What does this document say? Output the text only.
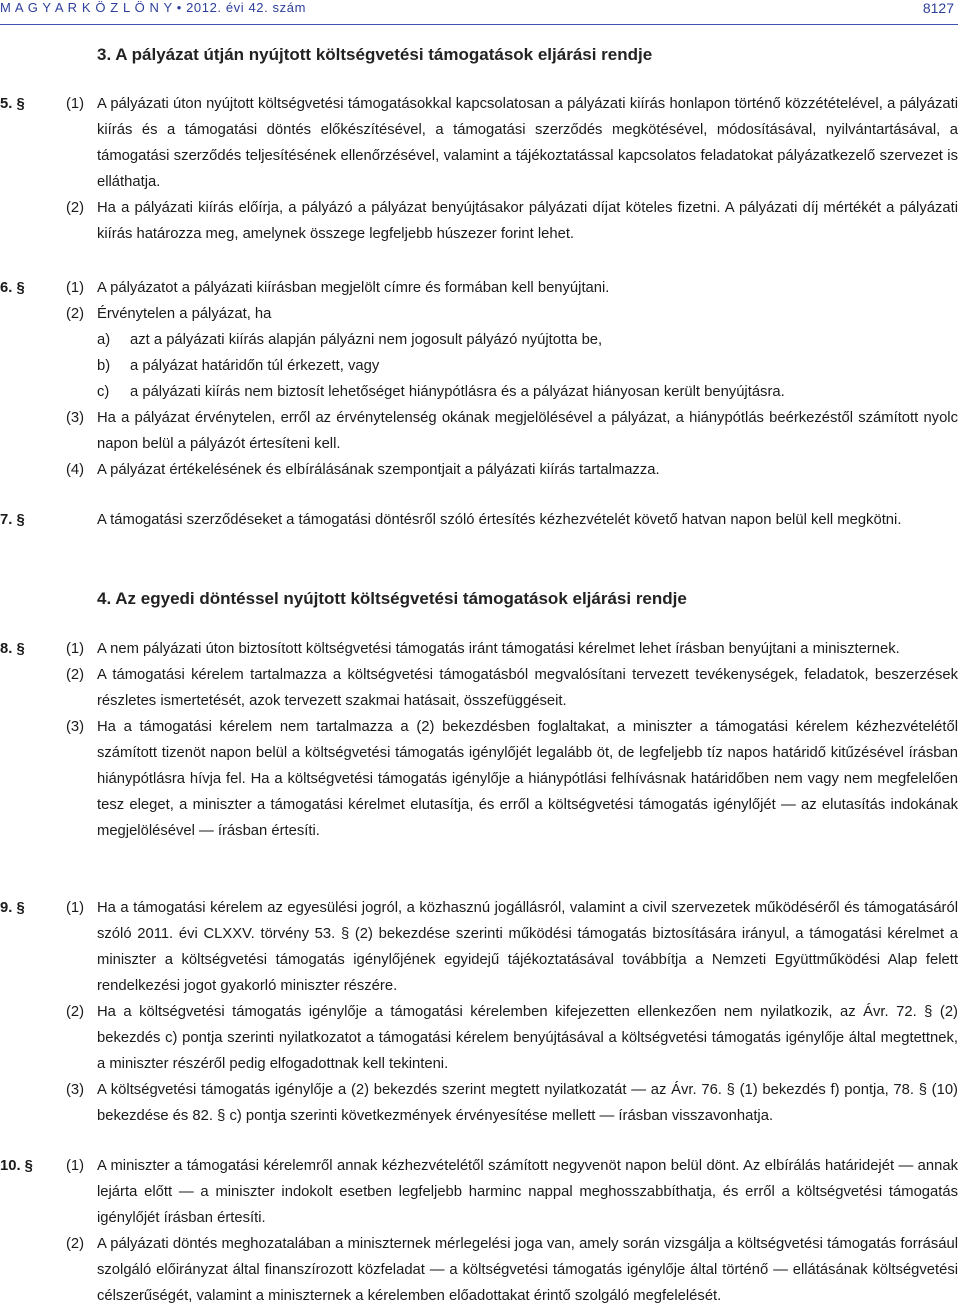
M A G Y A R K Ö Z L Ö N Y • 2012. évi 42. szám	8127
3. A pályázat útján nyújtott költségvetési támogatások eljárási rendje
5. §	(1) A pályázati úton nyújtott költségvetési támogatásokkal kapcsolatosan a pályázati kiírás honlapon történő közzétételével, a pályázati kiírás és a támogatási döntés előkészítésével, a támogatási szerződés megkötésével, módosításával, nyilvántartásával, a támogatási szerződés teljesítésének ellenőrzésével, valamint a tájékoztatással kapcsolatos feladatokat pályázatkezelő szervezet is elláthatja.

(2) Ha a pályázati kiírás előírja, a pályázó a pályázat benyújtásakor pályázati díjat köteles fizetni. A pályázati díj mértékét a pályázati kiírás határozza meg, amelynek összege legfeljebb húszezer forint lehet.

6. §	(1) A pályázatot a pályázati kiírásban megjelölt címre és formában kell benyújtani.

(2) Érvénytelen a pályázat, ha

a) azt a pályázati kiírás alapján pályázni nem jogosult pályázó nyújtotta be,

b) a pályázat határidőn túl érkezett, vagy

c) a pályázati kiírás nem biztosít lehetőséget hiánypótlásra és a pályázat hiányosan került benyújtásra.

(3) Ha a pályázat érvénytelen, erről az érvénytelenség okának megjelölésével a pályázat, a hiánypótlás beérkezéstől számított nyolc napon belül a pályázót értesíteni kell.

(4) A pályázat értékelésének és elbírálásának szempontjait a pályázati kiírás tartalmazza.

7. §	A támogatási szerződéseket a támogatási döntésről szóló értesítés kézhezvételét követő hatvan napon belül kell megkötni.

4. Az egyedi döntéssel nyújtott költségvetési támogatások eljárási rendje
8. §	(1) A nem pályázati úton biztosított költségvetési támogatás iránt támogatási kérelmet lehet írásban benyújtani a miniszternek.

(2) A támogatási kérelem tartalmazza a költségvetési támogatásból megvalósítani tervezett tevékenységek, feladatok, beszerzések részletes ismertetését, azok tervezett szakmai hatásait, összefüggéseit.

(3) Ha a támogatási kérelem nem tartalmazza a (2) bekezdésben foglaltakat, a miniszter a támogatási kérelem kézhezvételétől számított tizenöt napon belül a költségvetési támogatás igénylőjét legalább öt, de legfeljebb tíz napos határidő kitűzésével írásban hiánypótlásra hívja fel. Ha a költségvetési támogatás igénylője a hiánypótlási felhívásnak határidőben nem vagy nem megfelelően tesz eleget, a miniszter a támogatási kérelmet elutasítja, és erről a költségvetési támogatás igénylőjét — az elutasítás indokának megjelölésével — írásban értesíti.

9. §	(1) Ha a támogatási kérelem az egyesülési jogról, a közhasznú jogállásról, valamint a civil szervezetek működéséről és támogatásáról szóló 2011. évi CLXXV. törvény 53. § (2) bekezdése szerinti működési támogatás biztosítására irányul, a támogatási kérelmet a miniszter a költségvetési támogatás igénylőjének egyidejű tájékoztatásával továbbítja a Nemzeti Együttműködési Alap felett rendelkezési jogot gyakorló miniszter részére.

(2) Ha a költségvetési támogatás igénylője a támogatási kérelemben kifejezetten ellenkezően nem nyilatkozik, az Ávr. 72. § (2) bekezdés c) pontja szerinti nyilatkozatot a támogatási kérelem benyújtásával a költségvetési támogatás igénylője által megtettnek, a miniszter részéről pedig elfogadottnak kell tekinteni.

(3) A költségvetési támogatás igénylője a (2) bekezdés szerint megtett nyilatkozatát — az Ávr. 76. § (1) bekezdés f) pontja, 78. § (10) bekezdése és 82. § c) pontja szerinti következmények érvényesítése mellett — írásban visszavonhatja.

10. § (1) A miniszter a támogatási kérelemről annak kézhezvételétől számított negyvenöt napon belül dönt. Az elbírálás határidejét — annak lejárta előtt — a miniszter indokolt esetben legfeljebb harminc nappal meghosszabbíthatja, és erről a költségvetési támogatás igénylőjét írásban értesíti.

(2) A pályázati döntés meghozatalában a miniszternek mérlegelési joga van, amely során vizsgálja a költségvetési támogatás forrásául szolgáló előirányzat által finanszírozott közfeladat — a költségvetési támogatás igénylője által történő — ellátásának költségvetési célszerűségét, valamint a miniszternek a kérelemben előadottakat érintő szolgáló megfelelését.
